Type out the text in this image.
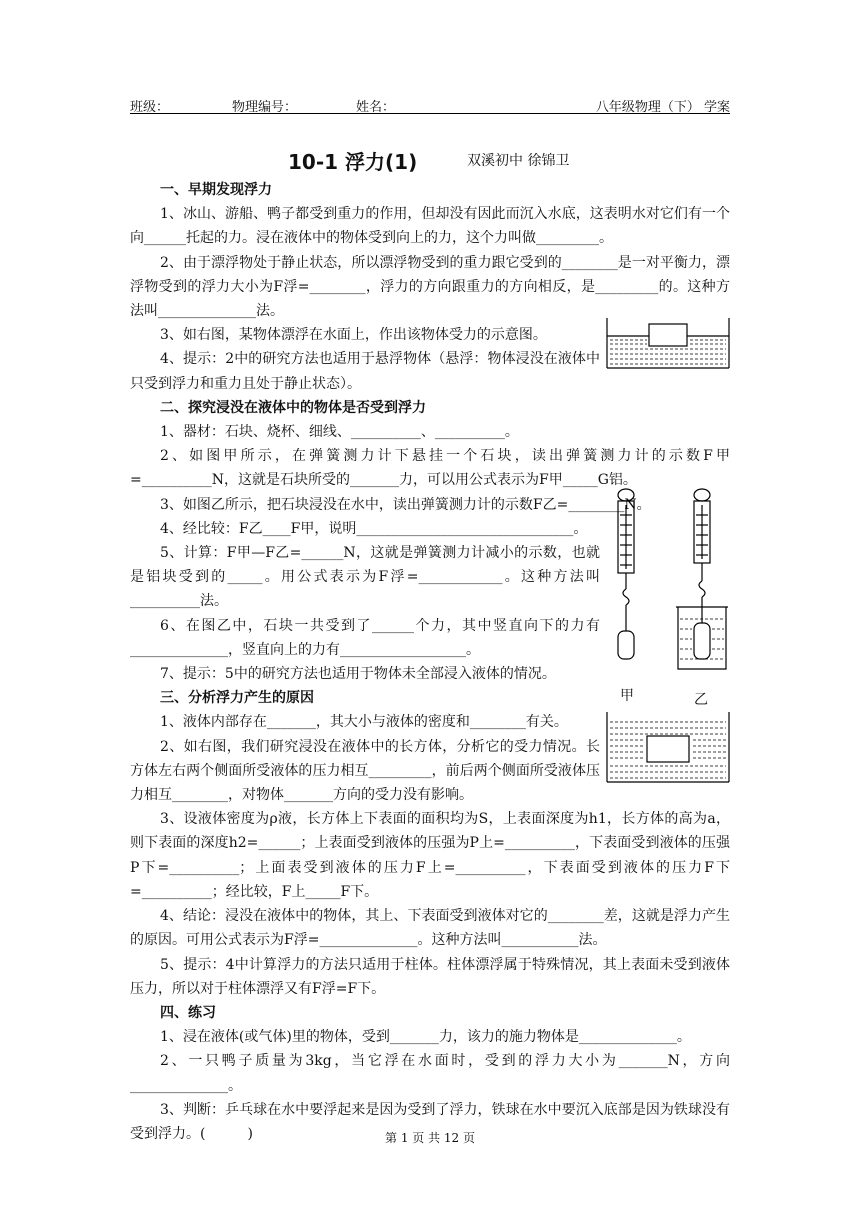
班级：	物理编号：	姓名：	八年级物理（下） 学案
10-1 浮力(1)	双溪初中 徐锦卫
一、早期发现浮力
1、冰山、游船、鸭子都受到重力的作用，但却没有因此而沉入水底，这表明水对它们有一个向______托起的力。浸在液体中的物体受到向上的力，这个力叫做_________。
2、由于漂浮物处于静止状态，所以漂浮物受到的重力跟它受到的________是一对平衡力，漂浮物受到的浮力大小为F浮=________，浮力的方向跟重力的方向相反，是_________的。这种方法叫______________法。
3、如右图，某物体漂浮在水面上，作出该物体受力的示意图。
4、提示：2中的研究方法也适用于悬浮物体（悬浮：物体浸没在液体中只受到浮力和重力且处于静止状态）。
二、探究浸没在液体中的物体是否受到浮力
1、器材：石块、烧杯、细线、__________、__________。
2、如图甲所示，在弹簧测力计下悬挂一个石块，读出弹簧测力计的示数F甲=__________N，这就是石块所受的_______力，可以用公式表示为F甲_____G铝。
3、如图乙所示，把石块浸没在水中，读出弹簧测力计的示数F乙=________N。
4、经比较：F乙____F甲，说明_______________________________。
5、计算：F甲—F乙=______N，这就是弹簧测力计减小的示数，也就是铝块受到的_____。用公式表示为F浮=____________。这种方法叫__________法。
6、在图乙中，石块一共受到了______个力，其中竖直向下的力有______________，竖直向上的力有__________________。
7、提示：5中的研究方法也适用于物体未全部浸入液体的情况。
三、分析浮力产生的原因
1、液体内部存在_______，其大小与液体的密度和________有关。
2、如右图，我们研究浸没在液体中的长方体，分析它的受力情况。长方体左右两个侧面所受液体的压力相互_________，前后两个侧面所受液体压力相互________，对物体_______方向的受力没有影响。
3、设液体密度为ρ液，长方体上下表面的面积均为S，上表面深度为h1，长方体的高为a，则下表面的深度h2=______；上表面受到液体的压强为P上=__________，下表面受到液体的压强P下=__________；上面表受到液体的压力F上=__________，下表面受到液体的压力F下=__________；经比较，F上_____F下。
4、结论：浸没在液体中的物体，其上、下表面受到液体对它的________差，这就是浮力产生的原因。可用公式表示为F浮=______________。这种方法叫___________法。
5、提示：4中计算浮力的方法只适用于柱体。柱体漂浮属于特殊情况，其上表面未受到液体压力，所以对于柱体漂浮又有F浮=F下。
四、练习
1、浸在液体(或气体)里的物体，受到_______力，该力的施力物体是______________。
2、一只鸭子质量为3kg，当它浮在水面时，受到的浮力大小为_______N，方向______________。
3、判断：乒乓球在水中要浮起来是因为受到了浮力，铁球在水中要沉入底部是因为铁球没有受到浮力。(　　　)
甲	乙
第 1 页 共 12 页
